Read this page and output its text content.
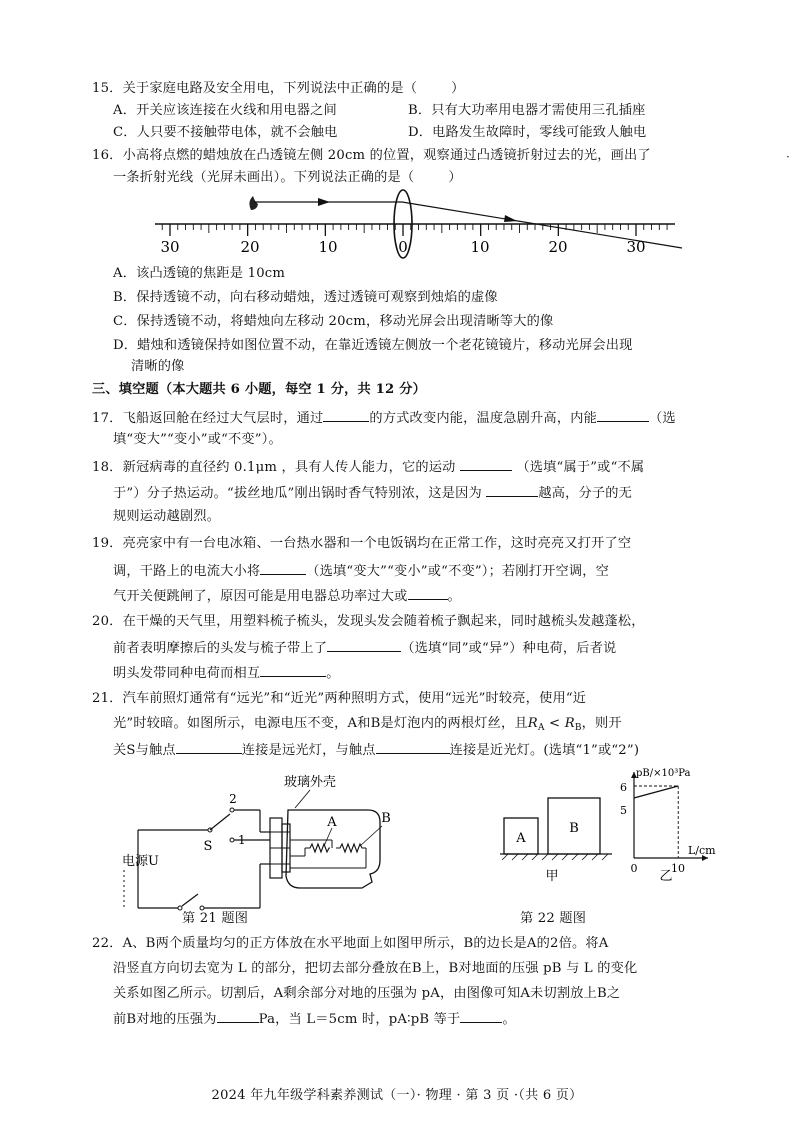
15．关于家庭电路及安全用电，下列说法中正确的是（	）
A．开关应该连接在火线和用电器之间	B．只有大功率用电器才需使用三孔插座
C．人只要不接触带电体，就不会触电	D．电路发生故障时，零线可能致人触电
16．小高将点燃的蜡烛放在凸透镜左侧 20cm 的位置，观察通过凸透镜折射过去的光，画出了
一条折射光线（光屏未画出）。下列说法正确的是（	）
30	20	10	0	10	20	30
A．该凸透镜的焦距是 10cm
B．保持透镜不动，向右移动蜡烛，透过透镜可观察到烛焰的虚像
C．保持透镜不动，将蜡烛向左移动 20cm，移动光屏会出现清晰等大的像
D．蜡烛和透镜保持如图位置不动，在靠近透镜左侧放一个老花镜镜片，移动光屏会出现
清晰的像
三、填空题（本大题共 6 小题，每空 1 分，共 12 分）
17．飞船返回舱在经过大气层时，通过	的方式改变内能，温度急剧升高，内能	（选
填“变大”“变小”或“不变”）。
18．新冠病毒的直径约 0.1μm ，具有人传人能力，它的运动	（选填“属于”或“不属
于”）分子热运动。“拔丝地瓜”刚出锅时香气特别浓，这是因为	越高，分子的无
规则运动越剧烈。
19．亮亮家中有一台电冰箱、一台热水器和一个电饭锅均在正常工作，这时亮亮又打开了空
调，干路上的电流大小将	（选填“变大”“变小”或“不变”）；若刚打开空调，空
气开关便跳闸了，原因可能是用电器总功率过大或	。
20．在干燥的天气里，用塑料梳子梳头，发现头发会随着梳子飘起来，同时越梳头发越蓬松，
前者表明摩擦后的头发与梳子带上了	（选填“同”或“异”）种电荷，后者说
明头发带同种电荷而相互	。
21．汽车前照灯通常有“远光”和“近光”两种照明方式，使用“远光”时较亮，使用“近
光”时较暗。如图所示，电源电压不变，A和B是灯泡内的两根灯丝，且$R_A < R_B$，则开
关S与触点	连接是远光灯，与触点	连接是近光灯。(选填“1”或“2”)
玻璃外壳
A	B
2
1
S
电源U
第 21 题图
A
B
甲
pB/×10³Pa
L/cm
6
5
0	10
乙
第 22 题图
22．A、B两个质量均匀的正方体放在水平地面上如图甲所示，B的边长是A的2倍。将A
沿竖直方向切去宽为 L 的部分，把切去部分叠放在B上，B对地面的压强 pB 与 L 的变化
关系如图乙所示。切割后，A剩余部分对地的压强为 pA，由图像可知A未切割放上B之
前B对地的压强为	Pa，当 L＝5cm 时，pA∶pB 等于	。
2024 年九年级学科素养测试（一）· 物理 · 第 3 页 ·（共 6 页）
·
